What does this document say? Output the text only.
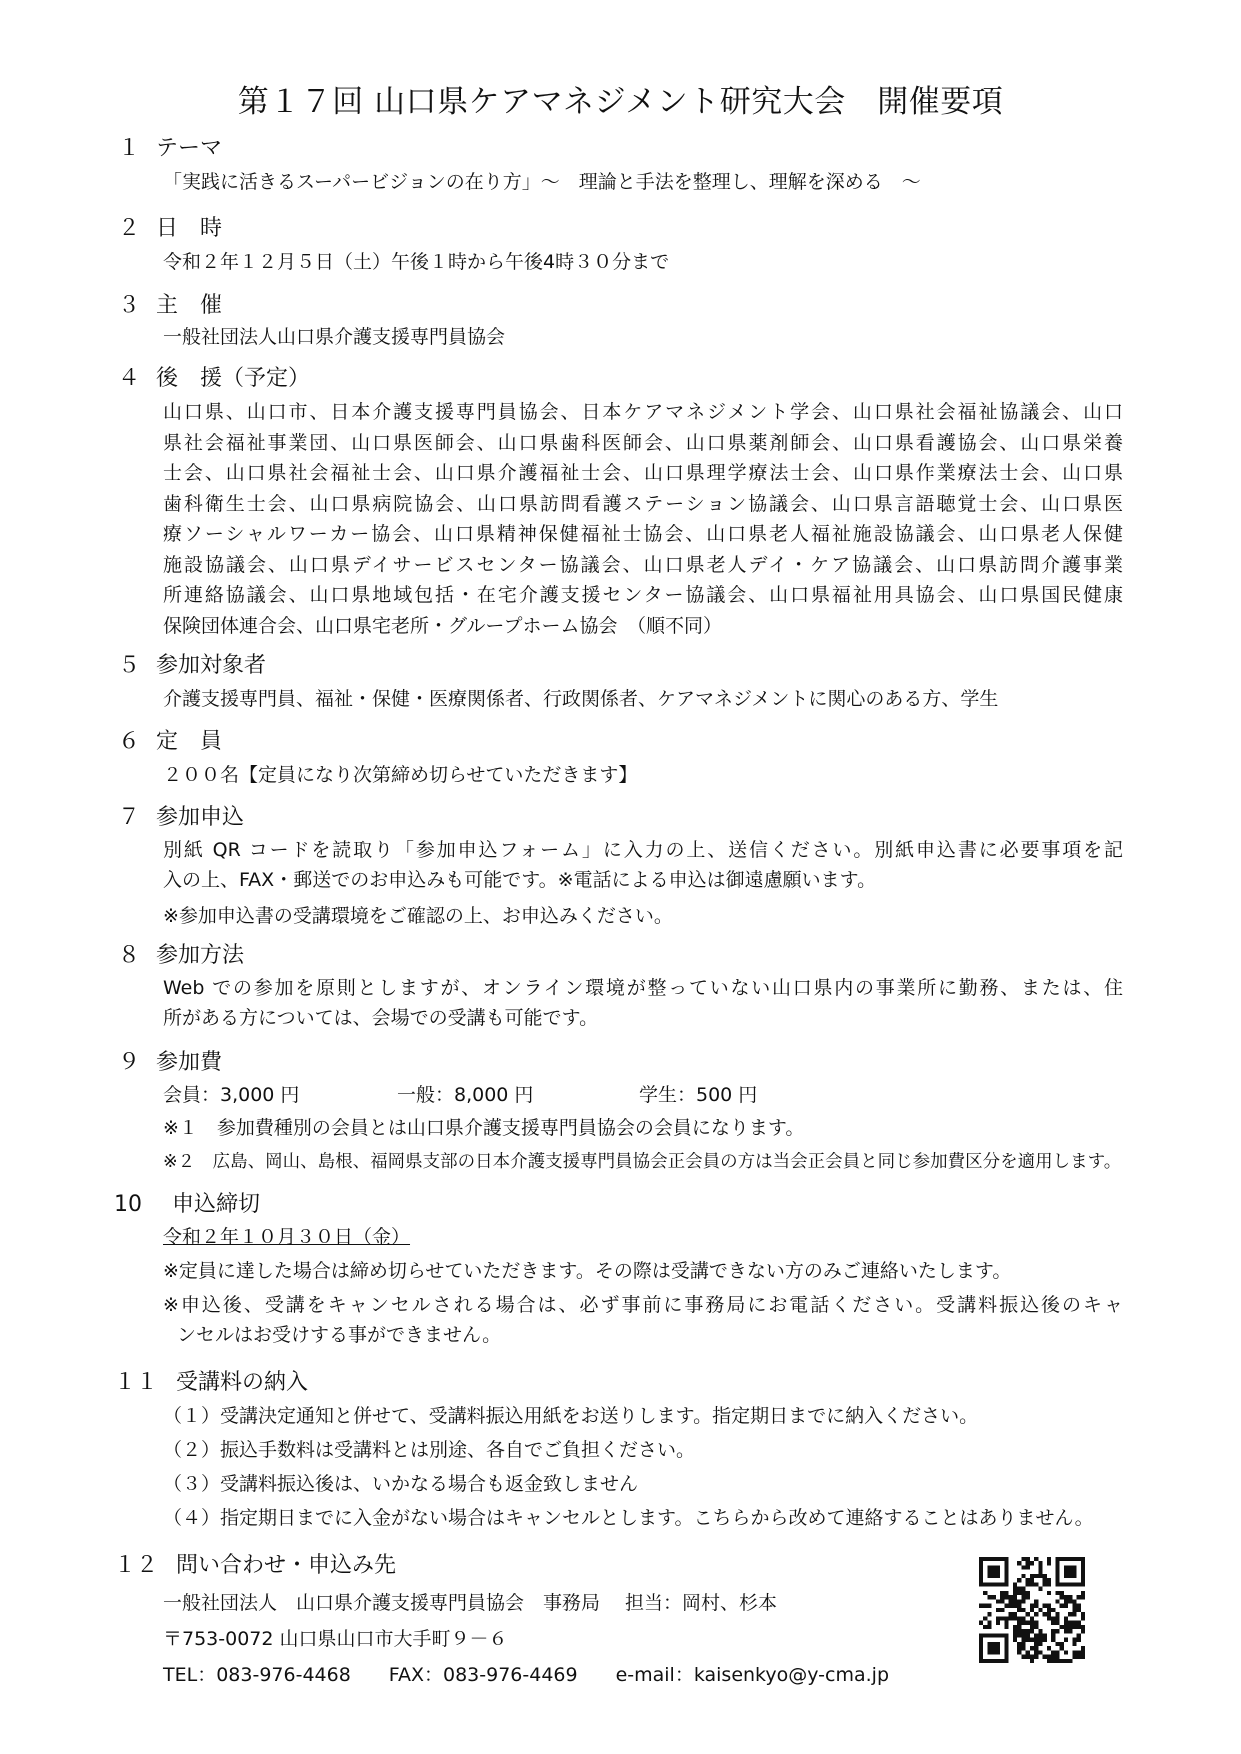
第１７回 山口県ケアマネジメント研究大会　開催要項
１ テーマ
「実践に活きるスーパービジョンの在り方」～　理論と手法を整理し、理解を深める　～
２ 日　時
令和２年１２月５日（土）午後１時から午後4時３０分まで
３ 主　催
一般社団法人山口県介護支援専門員協会
４ 後　援（予定）
山口県、山口市、日本介護支援専門員協会、日本ケアマネジメント学会、山口県社会福祉協議会、山口
県社会福祉事業団、山口県医師会、山口県歯科医師会、山口県薬剤師会、山口県看護協会、山口県栄養
士会、山口県社会福祉士会、山口県介護福祉士会、山口県理学療法士会、山口県作業療法士会、山口県
歯科衛生士会、山口県病院協会、山口県訪問看護ステーション協議会、山口県言語聴覚士会、山口県医
療ソーシャルワーカー協会、山口県精神保健福祉士協会、山口県老人福祉施設協議会、山口県老人保健
施設協議会、山口県デイサービスセンター協議会、山口県老人デイ・ケア協議会、山口県訪問介護事業
所連絡協議会、山口県地域包括・在宅介護支援センター協議会、山口県福祉用具協会、山口県国民健康
保険団体連合会、山口県宅老所・グループホーム協会　（順不同）
５ 参加対象者
介護支援専門員、福祉・保健・医療関係者、行政関係者、ケアマネジメントに関心のある方、学生
６ 定　員
２００名【定員になり次第締め切らせていただきます】
７ 参加申込
別紙 QR コードを読取り「参加申込フォーム」に入力の上、送信ください。別紙申込書に必要事項を記
入の上、FAX・郵送でのお申込みも可能です。※電話による申込は御遠慮願います。
※参加申込書の受講環境をご確認の上、お申込みください。
８ 参加方法
Web での参加を原則としますが、オンライン環境が整っていない山口県内の事業所に勤務、または、住
所がある方については、会場での受講も可能です。
９ 参加費
会員：3,000 円	一般：8,000 円	学生：500 円
※１　参加費種別の会員とは山口県介護支援専門員協会の会員になります。
※２　広島、岡山、島根、福岡県支部の日本介護支援専門員協会正会員の方は当会正会員と同じ参加費区分を適用します。
10 申込締切
令和２年１０月３０日（金）
※定員に達した場合は締め切らせていただきます。その際は受講できない方のみご連絡いたします。
※申込後、受講をキャンセルされる場合は、必ず事前に事務局にお電話ください。受講料振込後のキャ
ンセルはお受けする事ができません。
１１ 受講料の納入
（１）受講決定通知と併せて、受講料振込用紙をお送りします。指定期日までに納入ください。
（２）振込手数料は受講料とは別途、各自でご負担ください。
（３）受講料振込後は、いかなる場合も返金致しません
（４）指定期日までに入金がない場合はキャンセルとします。こちらから改めて連絡することはありません。
１２ 問い合わせ・申込み先
一般社団法人　山口県介護支援専門員協会　事務局　 担当：岡村、杉本
〒753-0072 山口県山口市大手町９－６
TEL：083-976-4468　　FAX：083-976-4469　　e-mail：kaisenkyo@y-cma.jp
